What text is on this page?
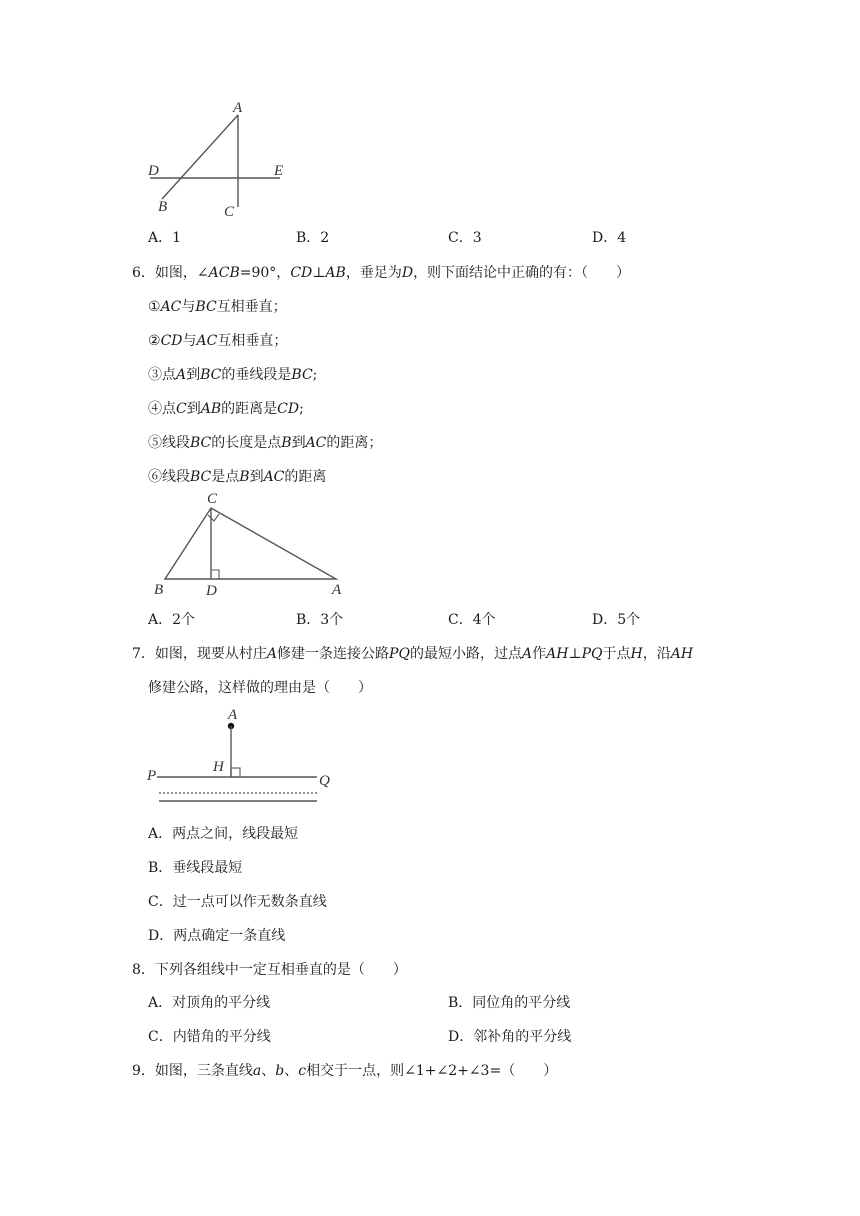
A
D	E
B	C
A．1	B．2	C．3	D．4
6．如图，∠ACB=90°，CD⊥AB，垂足为D，则下面结论中正确的有：（　　）
①AC与BC互相垂直；
②CD与AC互相垂直；
③点A到BC的垂线段是BC;
④点C到AB的距离是CD;
⑤线段BC的长度是点B到AC的距离；
⑥线段BC是点B到AC的距离
C
B	D	A
A．2个	B．3个	C．4个	D．5个
7．如图，现要从村庄A修建一条连接公路PQ的最短小路，过点A作AH⊥PQ于点H，沿AH
修建公路，这样做的理由是（　　）
A
H
P	Q
A．两点之间，线段最短
B．垂线段最短
C．过一点可以作无数条直线
D．两点确定一条直线
8．下列各组线中一定互相垂直的是（　　）
A．对顶角的平分线	B．同位角的平分线
C．内错角的平分线	D．邻补角的平分线
9．如图，三条直线a、b、c相交于一点，则∠1+∠2+∠3=（　　）
